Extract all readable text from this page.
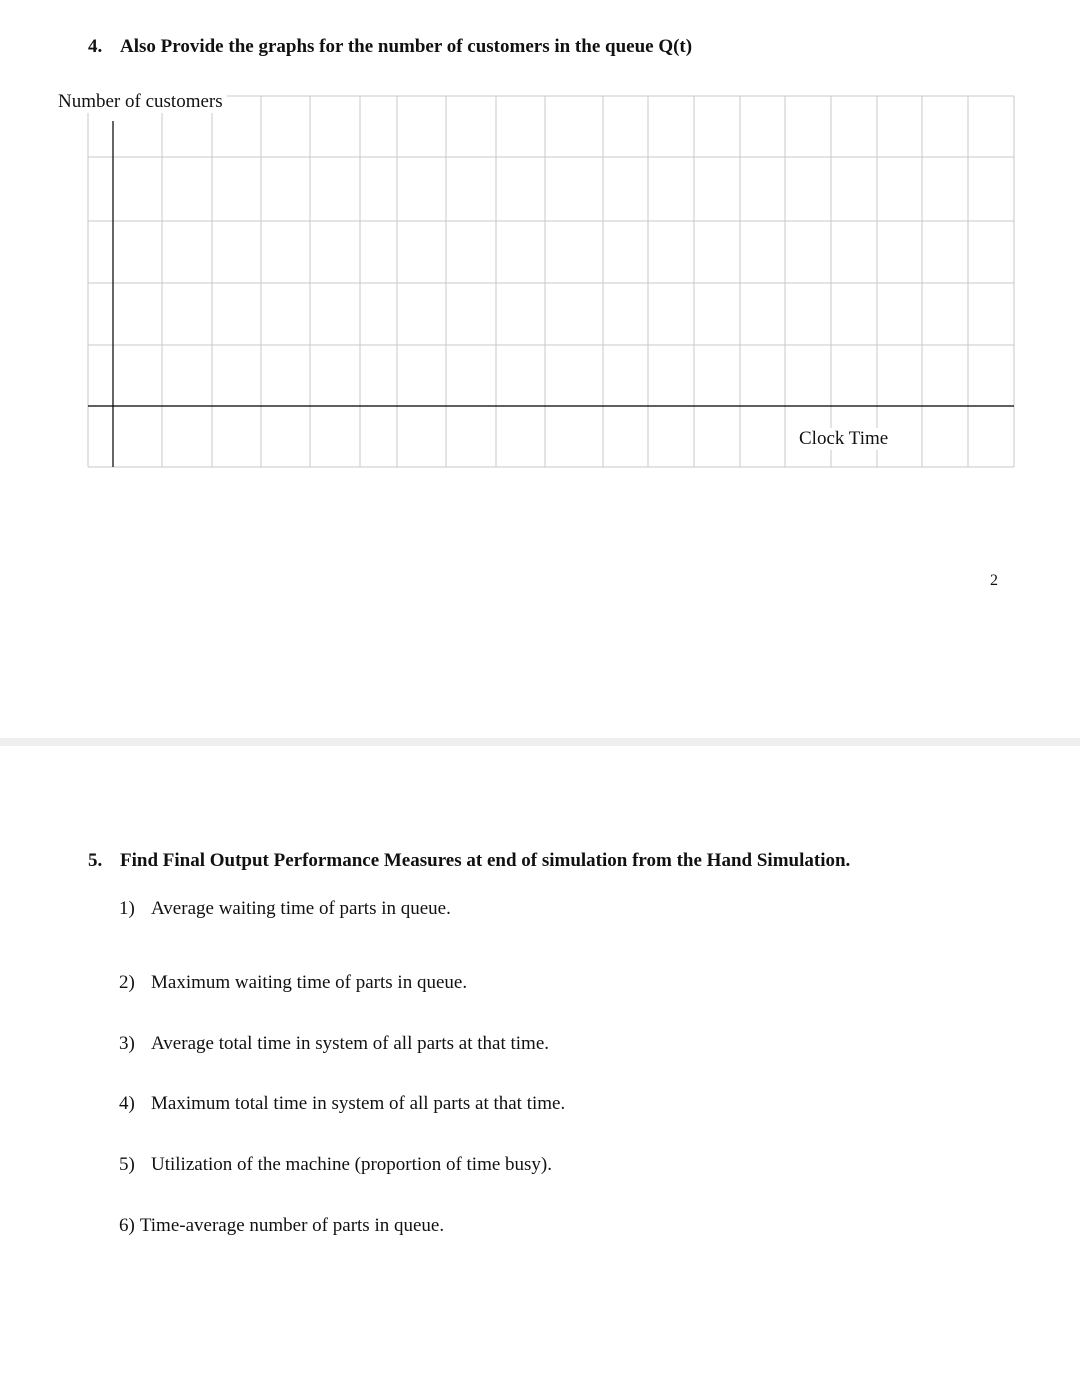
4. Also Provide the graphs for the number of customers in the queue Q(t)
Number of customers
Clock Time
2
5. Find Final Output Performance Measures at end of simulation from the Hand Simulation.
1) Average waiting time of parts in queue.
2) Maximum waiting time of parts in queue.
3) Average total time in system of all parts at that time.
4) Maximum total time in system of all parts at that time.
5) Utilization of the machine (proportion of time busy).
6) Time-average number of parts in queue.
